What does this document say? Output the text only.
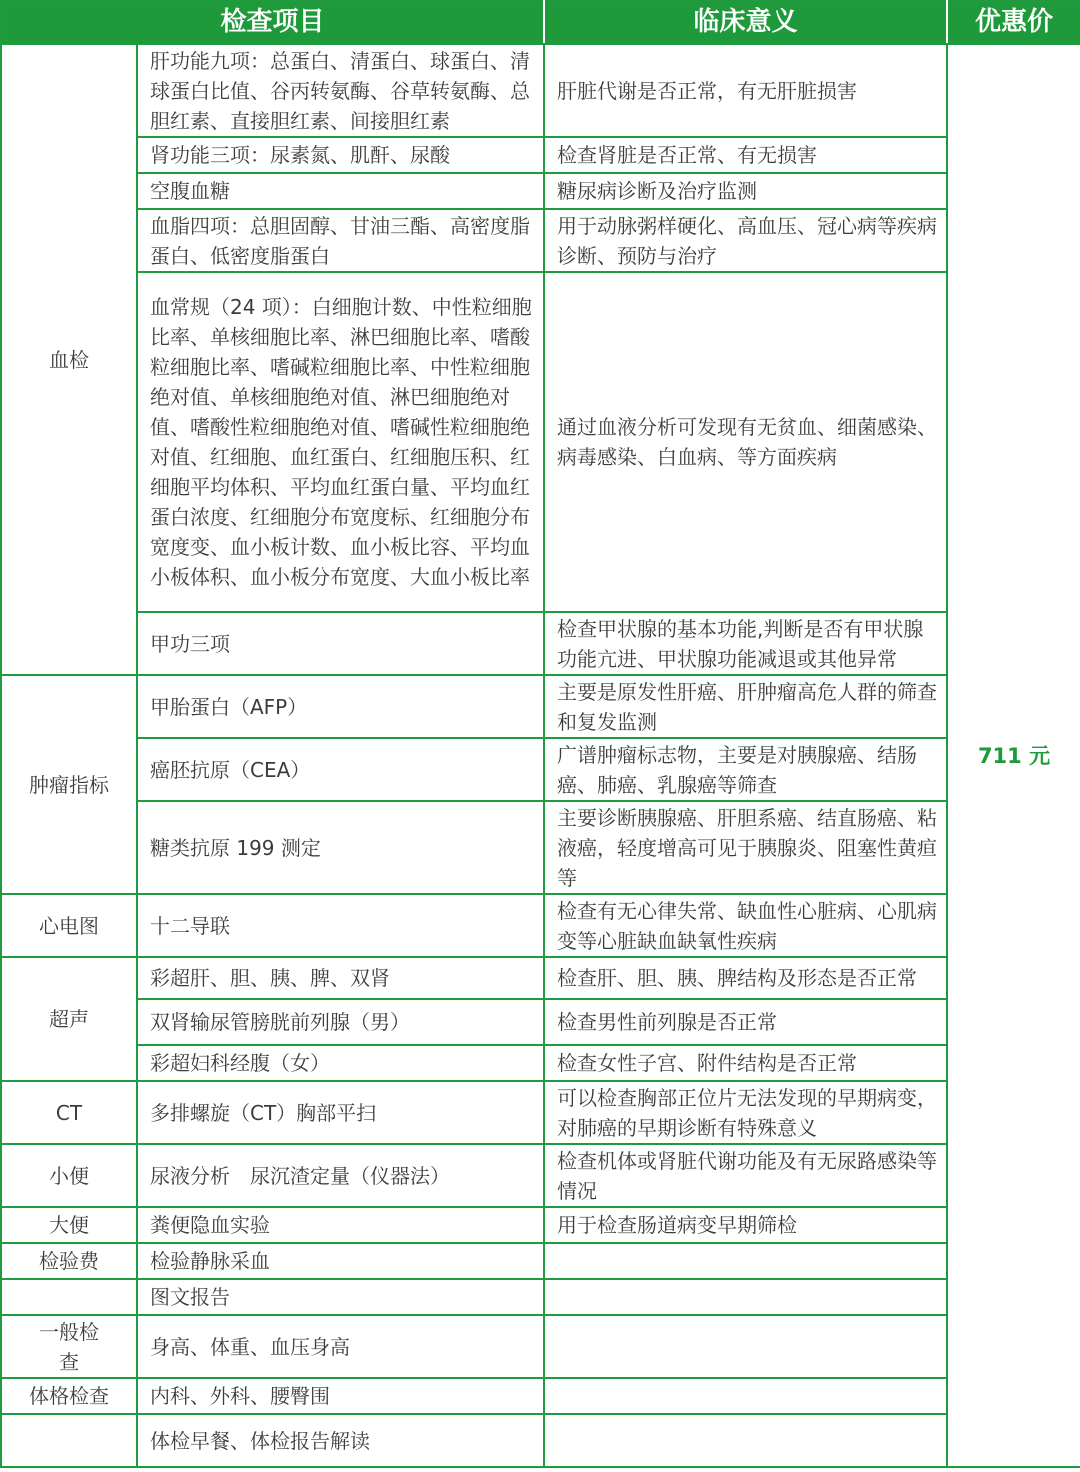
检查项目		临床意义	优惠价
血检	肝功能九项：总蛋白、清蛋白、球蛋白、清球蛋白比值、谷丙转氨酶、谷草转氨酶、总胆红素、直接胆红素、间接胆红素	肝脏代谢是否正常，有无肝脏损害	711 元
	肾功能三项：尿素氮、肌酐、尿酸	检查肾脏是否正常、有无损害	
	空腹血糖	糖尿病诊断及治疗监测	
	血脂四项：总胆固醇、甘油三酯、高密度脂蛋白、低密度脂蛋白	用于动脉粥样硬化、高血压、冠心病等疾病诊断、预防与治疗	
	血常规（24 项）：白细胞计数、中性粒细胞比率、单核细胞比率、淋巴细胞比率、嗜酸粒细胞比率、嗜碱粒细胞比率、中性粒细胞绝对值、单核细胞绝对值、淋巴细胞绝对值、嗜酸性粒细胞绝对值、嗜碱性粒细胞绝对值、红细胞、血红蛋白、红细胞压积、红细胞平均体积、平均血红蛋白量、平均血红蛋白浓度、红细胞分布宽度标、红细胞分布宽度变、血小板计数、血小板比容、平均血小板体积、血小板分布宽度、大血小板比率	通过血液分析可发现有无贫血、细菌感染、病毒感染、白血病、等方面疾病	
	甲功三项	检查甲状腺的基本功能,判断是否有甲状腺功能亢进、甲状腺功能减退或其他异常	
肿瘤指标	甲胎蛋白（AFP）	主要是原发性肝癌、肝肿瘤高危人群的筛查和复发监测	
	癌胚抗原（CEA）	广谱肿瘤标志物，主要是对胰腺癌、结肠癌、肺癌、乳腺癌等筛查	
	糖类抗原 199 测定	主要诊断胰腺癌、肝胆系癌、结直肠癌、粘液癌，轻度增高可见于胰腺炎、阻塞性黄疸等	
心电图	十二导联	检查有无心律失常、缺血性心脏病、心肌病变等心脏缺血缺氧性疾病	
超声	彩超肝、胆、胰、脾、双肾	检查肝、胆、胰、脾结构及形态是否正常	
	双肾输尿管膀胱前列腺（男）	检查男性前列腺是否正常	
	彩超妇科经腹（女）	检查女性子宫、附件结构是否正常	
CT	多排螺旋（CT）胸部平扫	可以检查胸部正位片无法发现的早期病变，对肺癌的早期诊断有特殊意义	
小便	尿液分析　尿沉渣定量（仪器法）	检查机体或肾脏代谢功能及有无尿路感染等情况	
大便	粪便隐血实验	用于检查肠道病变早期筛检	
检验费	检验静脉采血		
	图文报告		
一般检查	身高、体重、血压身高		
体格检查	内科、外科、腰臀围		
	体检早餐、体检报告解读		
